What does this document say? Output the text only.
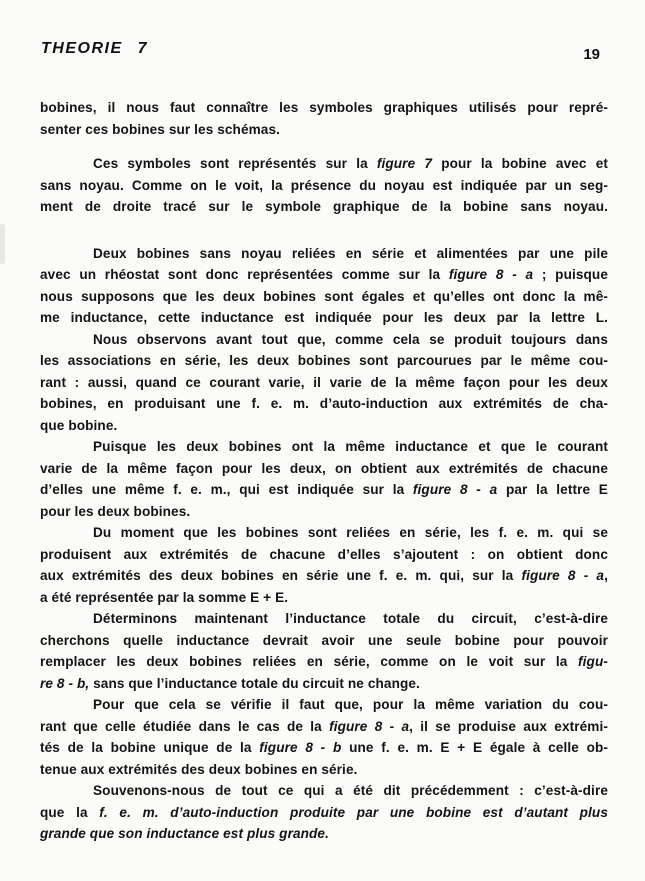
THEORIE 7	19
bobines, il nous faut connaître les symboles graphiques utilisés pour repré-
senter ces bobines sur les schémas.
Ces symboles sont représentés sur la figure 7 pour la bobine avec et
sans noyau. Comme on le voit, la présence du noyau est indiquée par un seg-
ment de droite tracé sur le symbole graphique de la bobine sans noyau.
Deux bobines sans noyau reliées en série et alimentées par une pile
avec un rhéostat sont donc représentées comme sur la figure 8 - a ; puisque
nous supposons que les deux bobines sont égales et qu’elles ont donc la mê-
me inductance, cette inductance est indiquée pour les deux par la lettre L.
Nous observons avant tout que, comme cela se produit toujours dans
les associations en série, les deux bobines sont parcourues par le même cou-
rant : aussi, quand ce courant varie, il varie de la même façon pour les deux
bobines, en produisant une f. e. m. d’auto-induction aux extrémités de cha-
que bobine.
Puisque les deux bobines ont la même inductance et que le courant
varie de la même façon pour les deux, on obtient aux extrémités de chacune
d’elles une même f. e. m., qui est indiquée sur la figure 8 - a par la lettre E
pour les deux bobines.
Du moment que les bobines sont reliées en série, les f. e. m. qui se
produisent aux extrémités de chacune d’elles s’ajoutent : on obtient donc
aux extrémités des deux bobines en série une f. e. m. qui, sur la figure 8 - a,
a été représentée par la somme E + E.
Déterminons maintenant l’inductance totale du circuit, c’est-à-dire
cherchons quelle inductance devrait avoir une seule bobine pour pouvoir
remplacer les deux bobines reliées en série, comme on le voit sur la figu-
re 8 - b, sans que l’inductance totale du circuit ne change.
Pour que cela se vérifie il faut que, pour la même variation du cou-
rant que celle étudiée dans le cas de la figure 8 - a, il se produise aux extrémi-
tés de la bobine unique de la figure 8 - b une f. e. m. E + E égale à celle ob-
tenue aux extrémités des deux bobines en série.
Souvenons-nous de tout ce qui a été dit précédemment : c’est-à-dire
que la f. e. m. d’auto-induction produite par une bobine est d’autant plus
grande que son inductance est plus grande.
